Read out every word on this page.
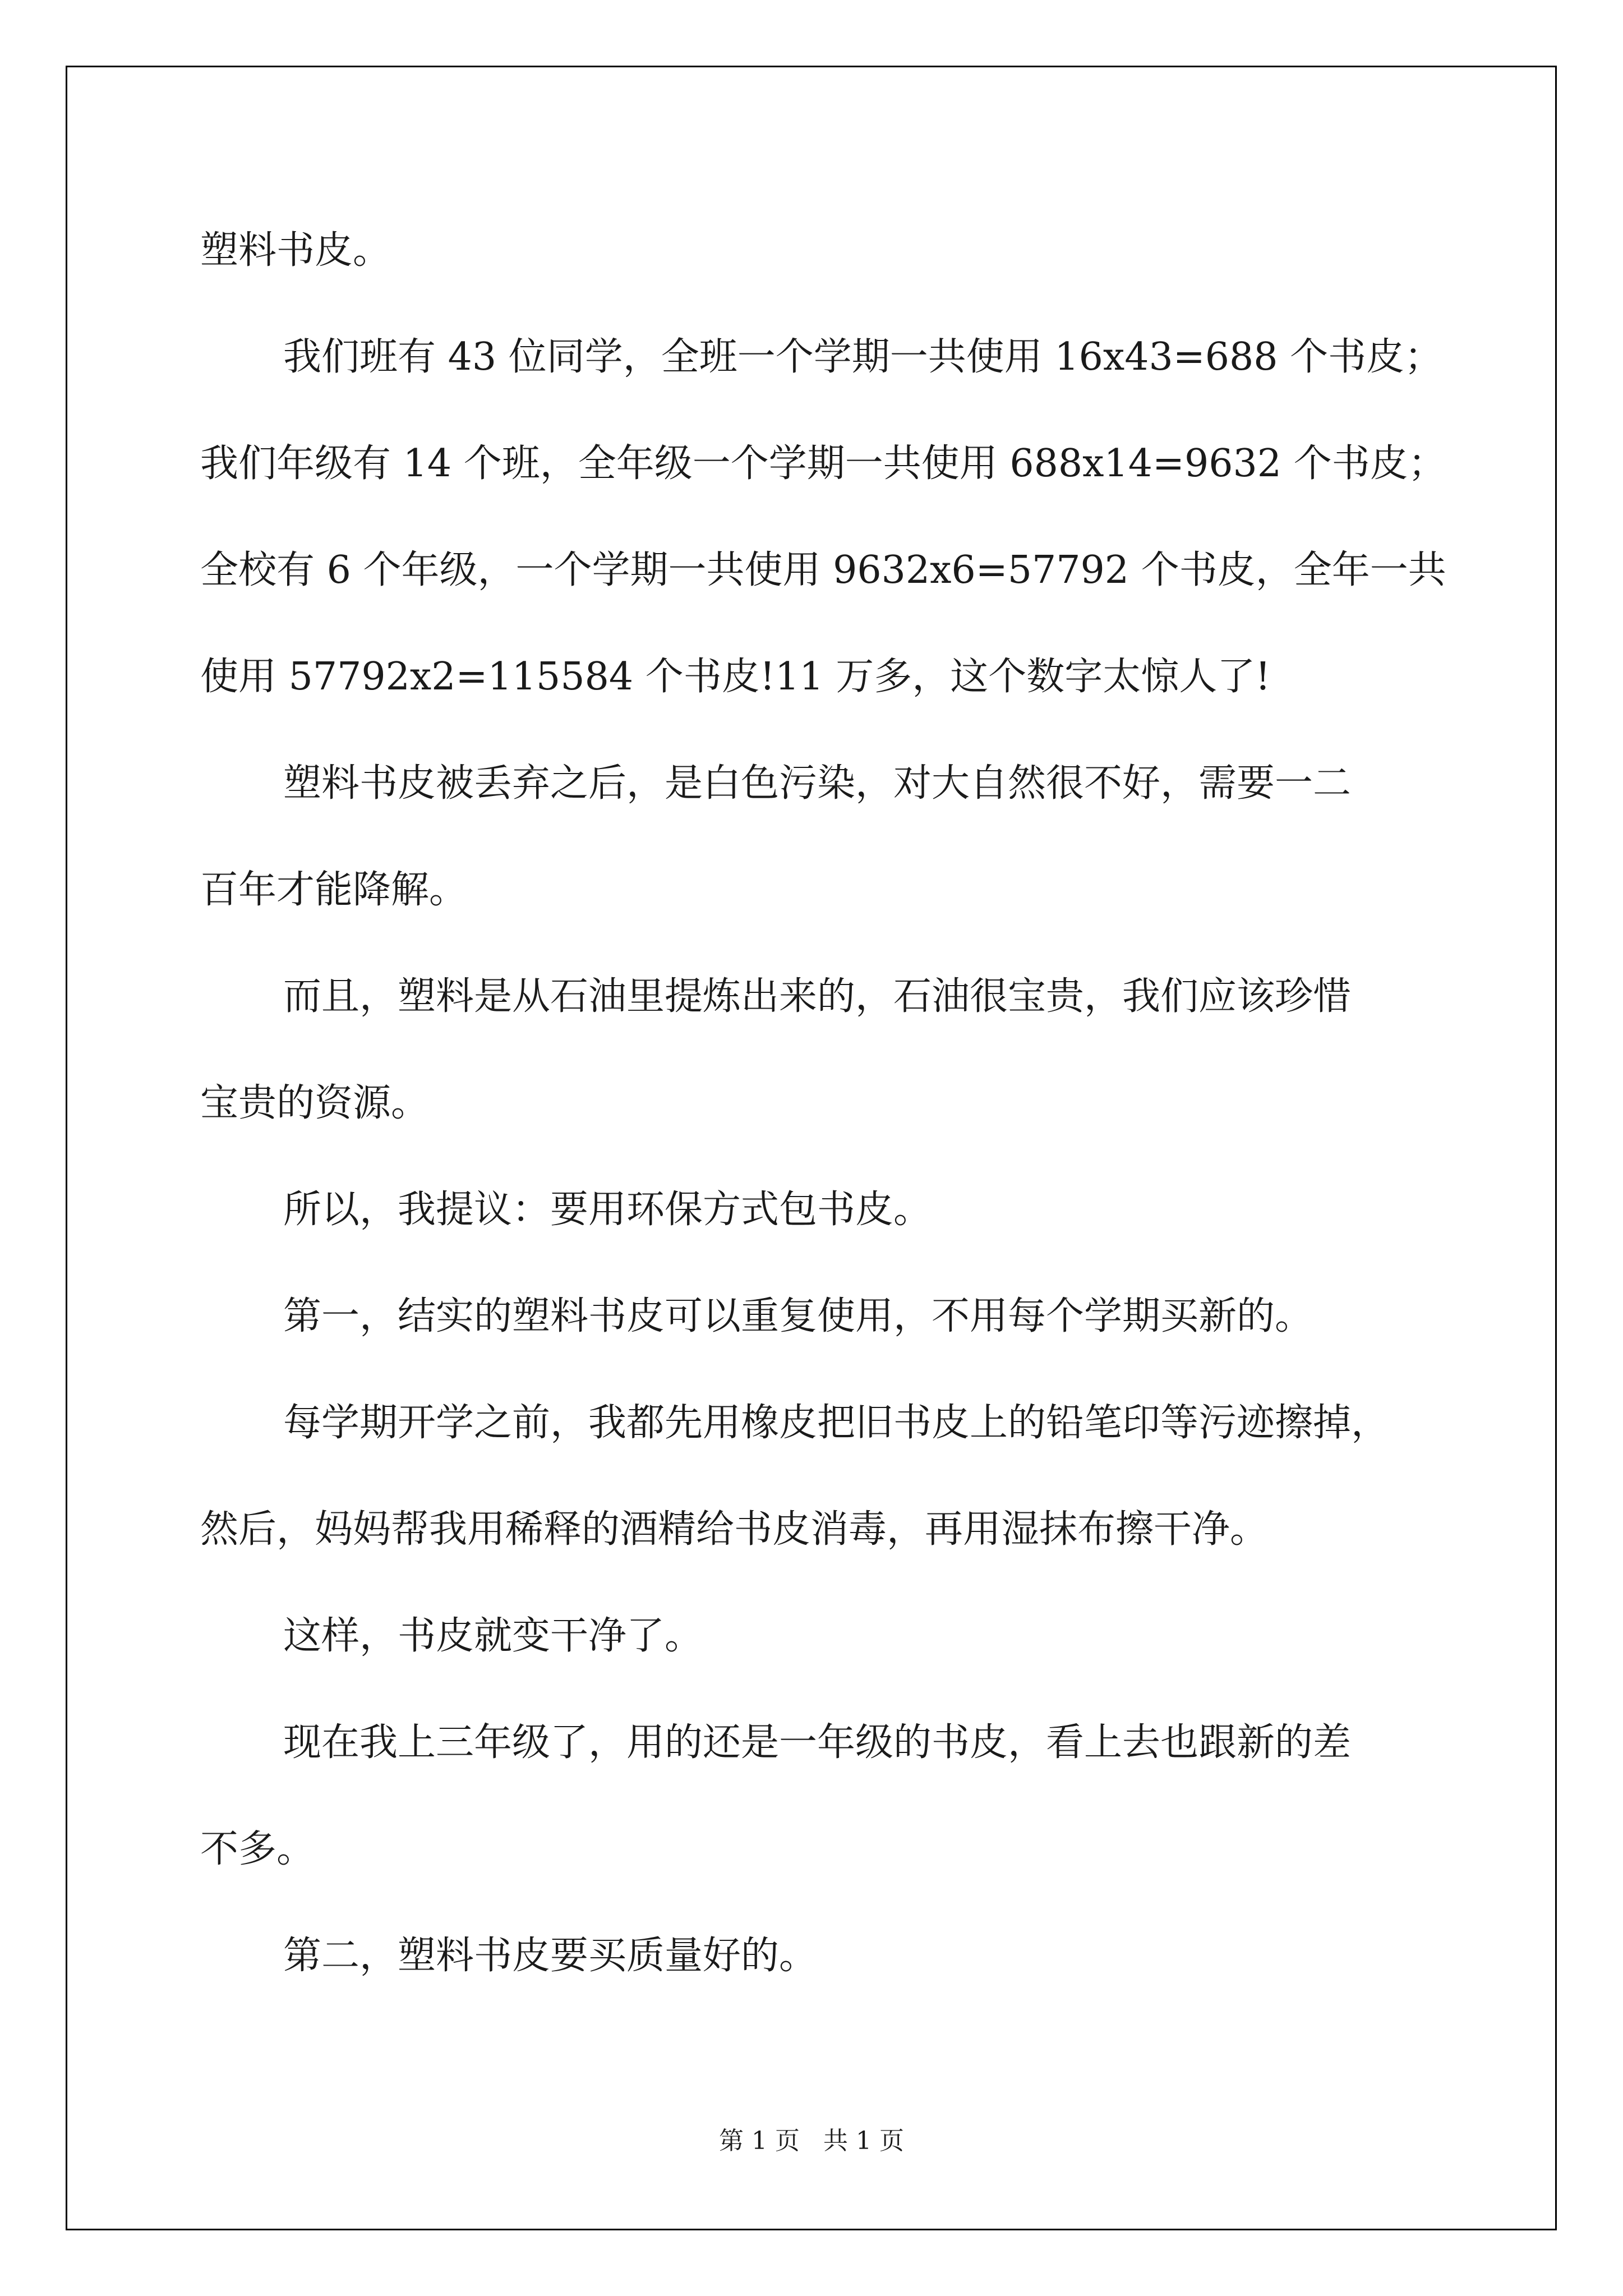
塑料书皮。
我们班有 43 位同学，全班一个学期一共使用 16x43=688 个书皮；
我们年级有 14 个班，全年级一个学期一共使用 688x14=9632 个书皮；
全校有 6 个年级，一个学期一共使用 9632x6=57792 个书皮，全年一共
使用 57792x2=115584 个书皮!11 万多，这个数字太惊人了!
塑料书皮被丢弃之后，是白色污染，对大自然很不好，需要一二
百年才能降解。
而且，塑料是从石油里提炼出来的，石油很宝贵，我们应该珍惜
宝贵的资源。
所以，我提议：要用环保方式包书皮。
第一，结实的塑料书皮可以重复使用，不用每个学期买新的。
每学期开学之前，我都先用橡皮把旧书皮上的铅笔印等污迹擦掉，
然后，妈妈帮我用稀释的酒精给书皮消毒，再用湿抹布擦干净。
这样，书皮就变干净了。
现在我上三年级了，用的还是一年级的书皮，看上去也跟新的差
不多。
第二，塑料书皮要买质量好的。
第 1 页   共 1 页
